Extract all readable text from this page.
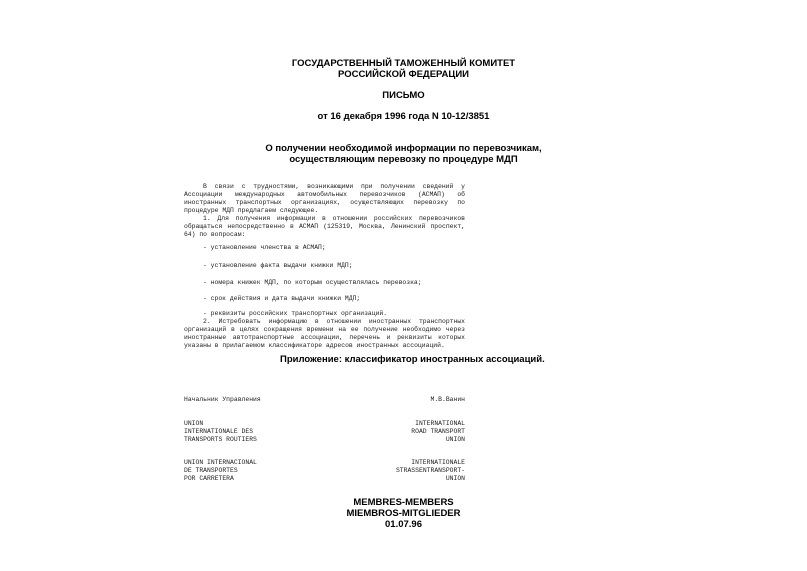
ГОСУДАРСТВЕННЫЙ ТАМОЖЕННЫЙ КОМИТЕТ
РОССИЙСКОЙ ФЕДЕРАЦИИ
ПИСЬМО
от 16 декабря 1996 года N 10-12/3851
О получении необходимой информации по перевозчикам,
осуществляющим перевозку по процедуре МДП
В связи с трудностями, возникающими при получении сведений у Ассоциации международных автомобильных перевозчиков (АСМАП) об иностранных транспортных организациях, осуществляющих перевозку по процедуре МДП предлагаем следующее.
1. Для получения информации в отношении российских перевозчиков обращаться непосредственно в АСМАП (125319, Москва, Ленинский проспект, 64) по вопросам:
- установление членства в АСМАП;
- установление факта выдачи книжки МДП;
- номера книжек МДП, по которым осуществлялась перевозка;
- срок действия и дата выдачи книжки МДП;
- реквизиты российских транспортных организаций.
2. Истребовать информацию в отношении иностранных транспортных организаций в целях сокращения времени на ее получение необходимо через иностранные автотранспортные ассоциации, перечень и реквизиты которых указаны в прилагаемом классификаторе адресов иностранных ассоциаций.
Приложение: классификатор иностранных ассоциаций.
Начальник Управления	М.В.Ванин
UNION
INTERNATIONALE DES
TRANSPORTS ROUTIERS
INTERNATIONAL
ROAD TRANSPORT
UNION
UNION INTERNACIONAL
DE TRANSPORTES
POR CARRETERA
INTERNATIONALE
STRASSENTRANSPORT-
UNION
MEMBRES-MEMBERS
MIEMBROS-MITGLIEDER
01.07.96
